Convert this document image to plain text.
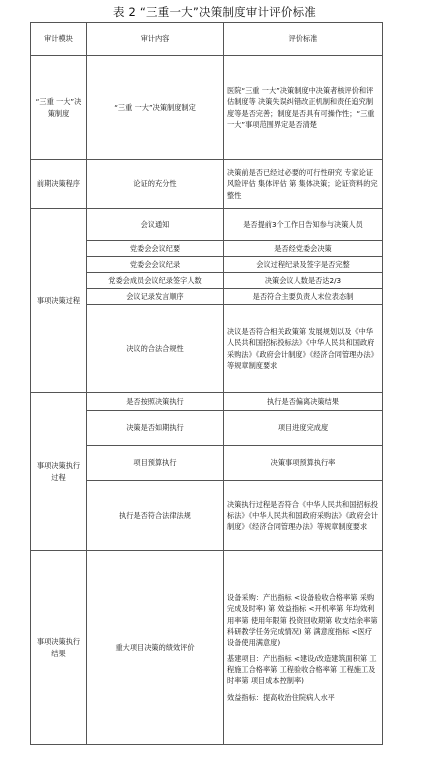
表 2 “三重一大”决策制度审计评价标准
审计模块	审计内容	评价标准
“三重 一大”决策制度	“三重 一大”决策制度制定	医院“三重 一大”决策制度中决策者核评价和评估制度等 决策失误纠错改正机制和责任追究制度等是否完善；制度是否具有可操作性；“三重 一大”事项范围界定是否清楚
前期决策程序	论证的充分性	决策前是否已经过必要的可行性研究 专家论证 风险评估 集体评估 第 集体决策；论证资料的完整性
事项决策过程	会议通知	是否提前3个工作日告知参与决策人员
	党委会会议纪要	是否经党委会决策
	党委会会议纪录	会议过程纪录及签字是否完整
	党委会成员会议纪录签字人数	决策会议人数是否达2/3
	会议记录发言顺序	是否符合主要负责人末位表态制
	决议的合法合规性	决议是否符合相关政策第 发展规划以及《中华人民共和国招标投标法》《中华人民共和国政府采购法》《政府会计制度》《经济合同管理办法》等规章制度要求
事项决策执行过程	是否按照决策执行	执行是否偏离决策结果
	决策是否如期执行	项目进度完成度
	项目预算执行	决策事项预算执行率
	执行是否符合法律法规	决策执行过程是否符合《中华人民共和国招标投标法》《中华人民共和国政府采购法》《政府会计制度》《经济合同管理办法》等规章制度要求
事项决策执行结果	重大项目决策的绩效评价	设备采购：产出指标 <设备验收合格率第 采购完成及时率) 第 效益指标 <开机率第 年均效利用率第 使用年限第 投资回收期第 收支结余率第 科研教学任务完成情况) 第 满意度指标 <医疗设备使用满意度)
基建项目：产出指标 <建设/改造建筑面积第 工程施工合格率第 工程验收合格率第 工程施工及时率第 项目成本控制率)
效益指标：提高收治住院病人水平
